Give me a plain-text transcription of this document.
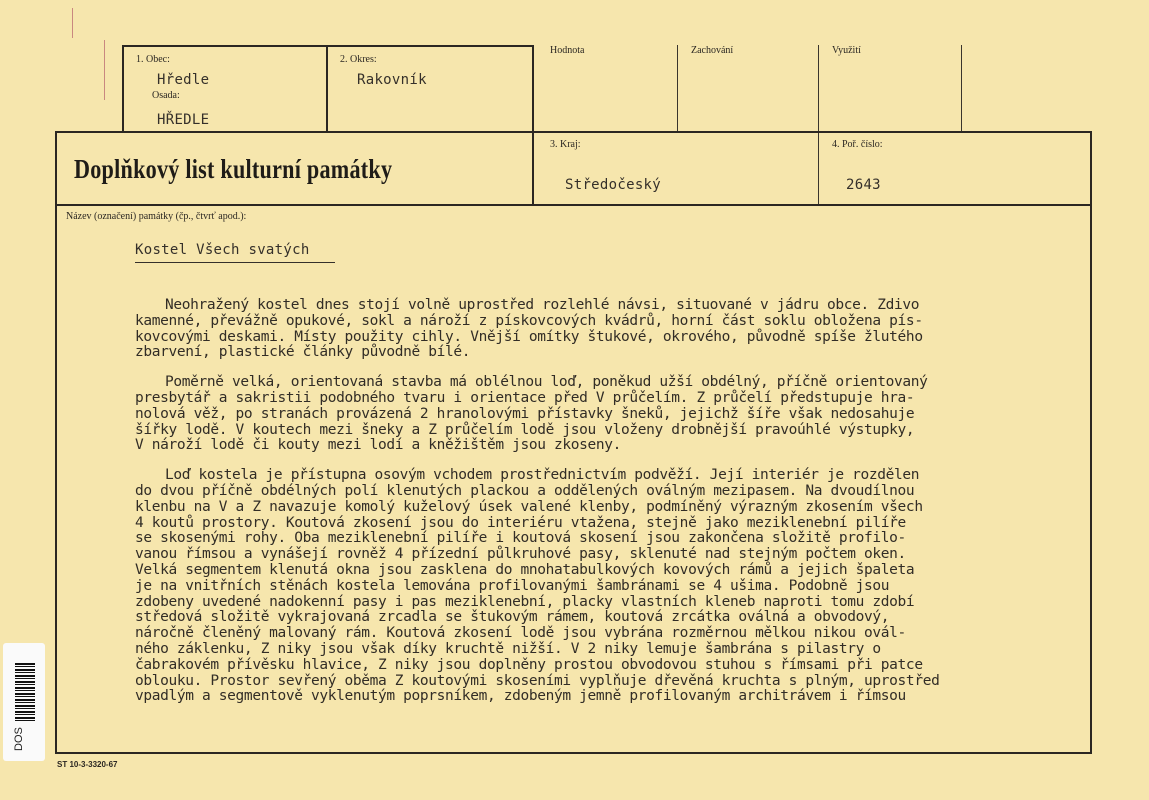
1. Obec:
Hředle
Osada:
HŘEDLE
2. Okres:
Rakovník
Hodnota	Zachování	Využití
3. Kraj:
Středočeský
4. Poř. číslo:
2643
Doplňkový list kulturní památky
Název (označení) památky (čp., čtvrť apod.):
Kostel Všech svatých

Neohražený kostel dnes stojí volně uprostřed rozlehlé návsi, situované v jádru obce. Zdivo
kamenné, převážně opukové, sokl a nároží z pískovcových kvádrů, horní část soklu obložena pís-
kovcovými deskami. Místy použity cihly. Vnější omítky štukové, okrového, původně spíše žlutého
zbarvení, plastické články původně bílé.

Poměrně velká, orientovaná stavba má oblélnou loď, poněkud užší obdélný, příčně orientovaný
presbytář a sakristii podobného tvaru i orientace před V průčelím. Z průčelí předstupuje hra-
nolová věž, po stranách provázená 2 hranolovými přístavky šneků, jejichž šíře však nedosahuje
šířky lodě. V koutech mezi šneky a Z průčelím lodě jsou vloženy drobnější pravoúhlé výstupky,
V nároží lodě či kouty mezi lodí a kněžištěm jsou zkoseny.

Loď kostela je přístupna osovým vchodem prostřednictvím podvěží. Její interiér je rozdělen
do dvou příčně obdélných polí klenutých plackou a oddělených oválným mezipasem. Na dvoudílnou
klenbu na V a Z navazuje komolý kuželový úsek valené klenby, podmíněný výrazným zkosením všech
4 koutů prostory. Koutová zkosení jsou do interiéru vtažena, stejně jako meziklenební pilíře
se skosenými rohy. Oba meziklenební pilíře i koutová skosení jsou zakončena složitě profilo-
vanou římsou a vynášejí rovněž 4 přízední půlkruhové pasy, sklenuté nad stejným počtem oken.
Velká segmentem klenutá okna jsou zasklena do mnohatabulkových kovových rámů a jejich špaleta
je na vnitřních stěnách kostela lemována profilovanými šambránami se 4 ušima. Podobně jsou
zdobeny uvedené nadokenní pasy i pas meziklenební, placky vlastních kleneb naproti tomu zdobí
středová složitě vykrajovaná zrcadla se štukovým rámem, koutová zrcátka oválná a obvodový,
náročně členěný malovaný rám. Koutová zkosení lodě jsou vybrána rozměrnou mělkou nikou ovál-
ného záklenku, Z niky jsou však díky kruchtě nižší. V 2 niky lemuje šambrána s pilastry o
čabrakovém přívěsku hlavice, Z niky jsou doplněny prostou obvodovou stuhou s římsami při patce
oblouku. Prostor sevřený oběma Z koutovými skoseními vyplňuje dřevěná kruchta s plným, uprostřed
vpadlým a segmentově vyklenutým poprsníkem, zdobeným jemně profilovaným architrávem i římsou

DOS
ST 10-3-3320-67
